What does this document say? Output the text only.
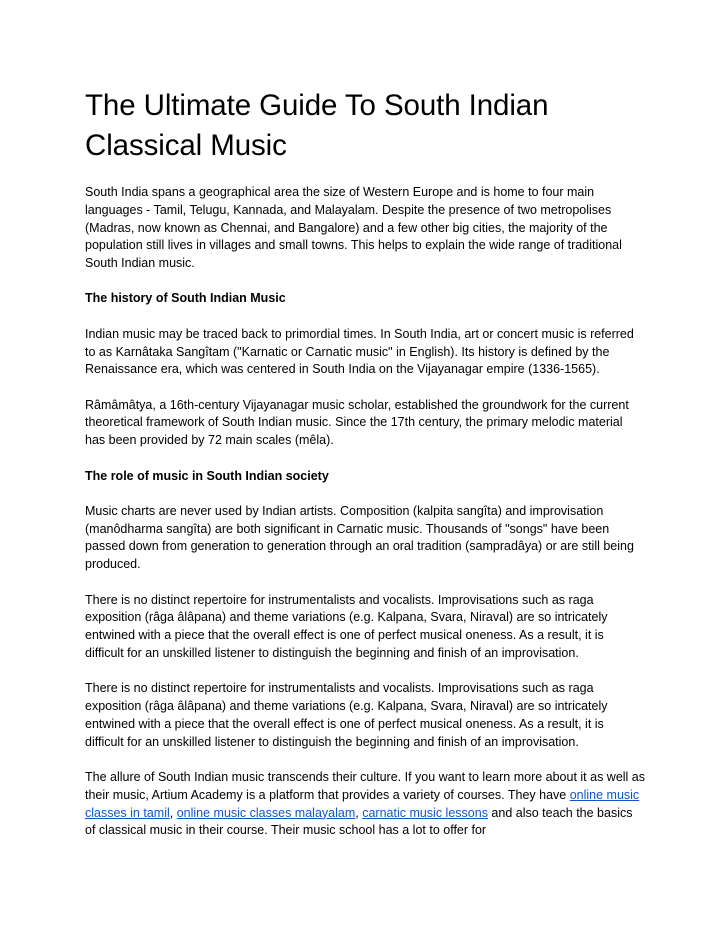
The Ultimate Guide To South Indian Classical Music

South India spans a geographical area the size of Western Europe and is home to four main languages - Tamil, Telugu, Kannada, and Malayalam. Despite the presence of two metropolises (Madras, now known as Chennai, and Bangalore) and a few other big cities, the majority of the population still lives in villages and small towns. This helps to explain the wide range of traditional South Indian music.

The history of South Indian Music

Indian music may be traced back to primordial times. In South India, art or concert music is referred to as Karnâtaka Sangîtam ("Karnatic or Carnatic music" in English). Its history is defined by the Renaissance era, which was centered in South India on the Vijayanagar empire (1336-1565).

Râmâmâtya, a 16th-century Vijayanagar music scholar, established the groundwork for the current theoretical framework of South Indian music. Since the 17th century, the primary melodic material has been provided by 72 main scales (mêla).

The role of music in South Indian society

Music charts are never used by Indian artists. Composition (kalpita sangîta) and improvisation (manôdharma sangîta) are both significant in Carnatic music. Thousands of "songs" have been passed down from generation to generation through an oral tradition (sampradâya) or are still being produced.

There is no distinct repertoire for instrumentalists and vocalists. Improvisations such as raga exposition (râga âlâpana) and theme variations (e.g. Kalpana, Svara, Niraval) are so intricately entwined with a piece that the overall effect is one of perfect musical oneness. As a result, it is difficult for an unskilled listener to distinguish the beginning and finish of an improvisation.

There is no distinct repertoire for instrumentalists and vocalists. Improvisations such as raga exposition (râga âlâpana) and theme variations (e.g. Kalpana, Svara, Niraval) are so intricately entwined with a piece that the overall effect is one of perfect musical oneness. As a result, it is difficult for an unskilled listener to distinguish the beginning and finish of an improvisation.

The allure of South Indian music transcends their culture. If you want to learn more about it as well as their music, Artium Academy is a platform that provides a variety of courses. They have online music classes in tamil, online music classes malayalam, carnatic music lessons and also teach the basics of classical music in their course. Their music school has a lot to offer for
